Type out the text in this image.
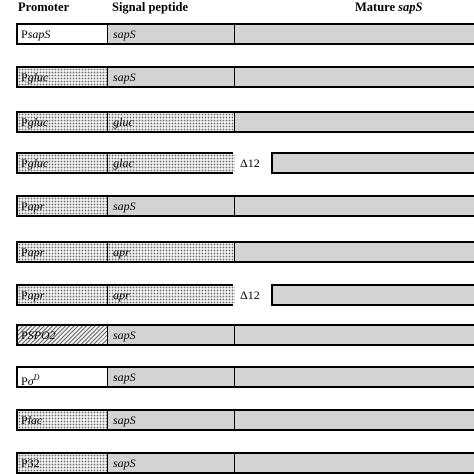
Promoter	Signal peptide	Mature sapS
PsapS	sapS
Pgluc	sapS
Pgluc	gluc
Pgluc	glac	Δ12
Papr	sapS
Papr	apr
Papr	apr	Δ12
PSPO2	sapS
$P\sigma^D$	sapS
Plac	sapS
P32	sapS
